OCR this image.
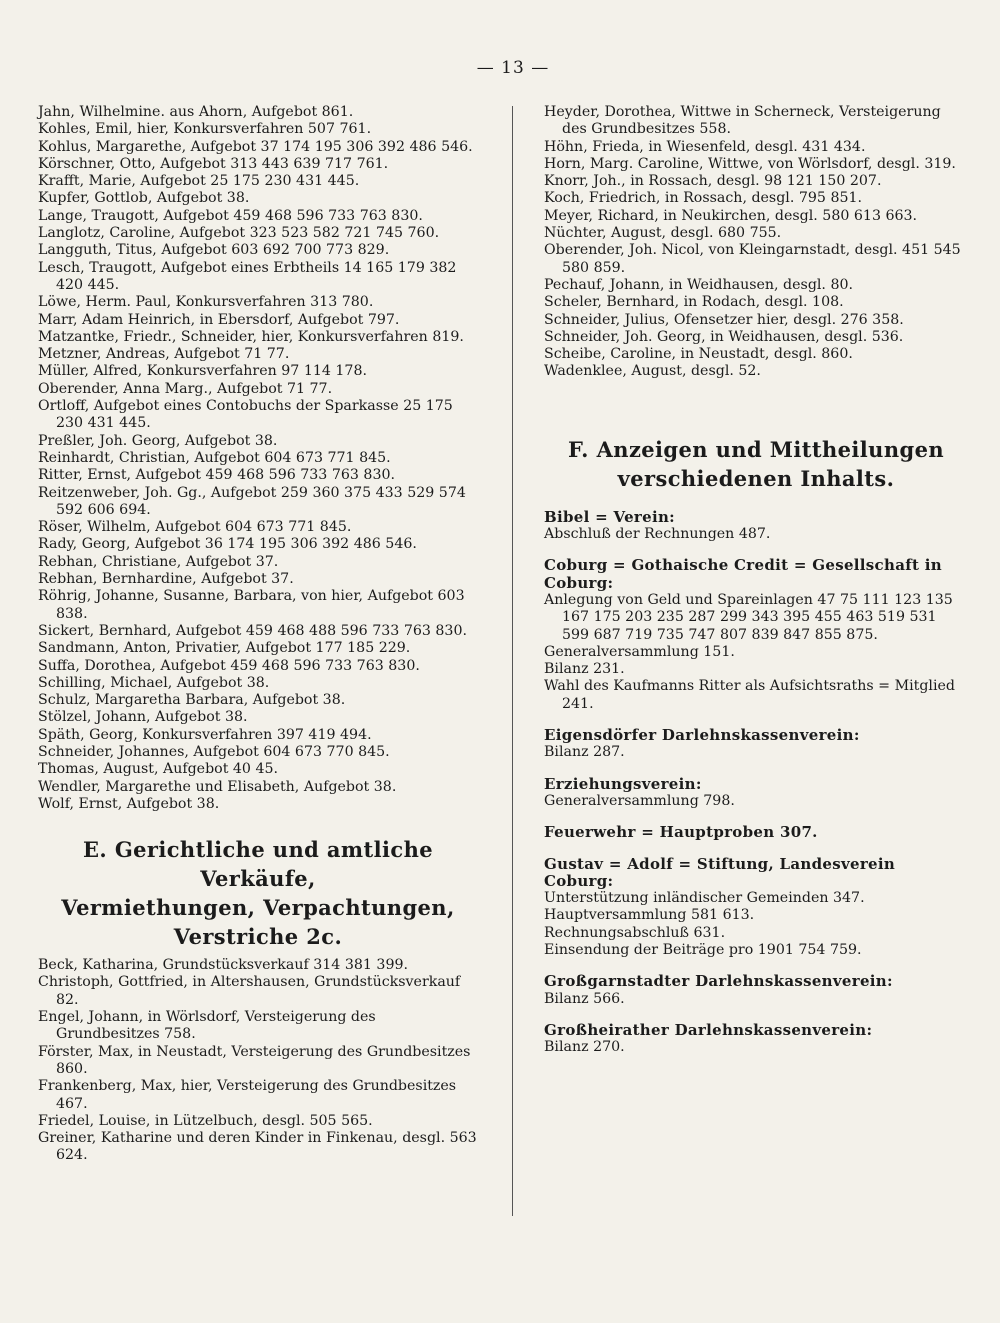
— 13 —
Jahn, Wilhelmine. aus Ahorn, Aufgebot 861.
Kohles, Emil, hier, Konkursverfahren 507 761.
Kohlus, Margarethe, Aufgebot 37 174 195 306 392 486 546.
Körschner, Otto, Aufgebot 313 443 639 717 761.
Krafft, Marie, Aufgebot 25 175 230 431 445.
Kupfer, Gottlob, Aufgebot 38.
Lange, Traugott, Aufgebot 459 468 596 733 763 830.
Langlotz, Caroline, Aufgebot 323 523 582 721 745 760.
Langguth, Titus, Aufgebot 603 692 700 773 829.
Lesch, Traugott, Aufgebot eines Erbtheils 14 165 179 382 420 445.
Löwe, Herm. Paul, Konkursverfahren 313 780.
Marr, Adam Heinrich, in Ebersdorf, Aufgebot 797.
Matzantke, Friedr., Schneider, hier, Konkursverfahren 819.
Metzner, Andreas, Aufgebot 71 77.
Müller, Alfred, Konkursverfahren 97 114 178.
Oberender, Anna Marg., Aufgebot 71 77.
Ortloff, Aufgebot eines Contobuchs der Sparkasse 25 175 230 431 445.
Preßler, Joh. Georg, Aufgebot 38.
Reinhardt, Christian, Aufgebot 604 673 771 845.
Ritter, Ernst, Aufgebot 459 468 596 733 763 830.
Reitzenweber, Joh. Gg., Aufgebot 259 360 375 433 529 574 592 606 694.
Röser, Wilhelm, Aufgebot 604 673 771 845.
Rady, Georg, Aufgebot 36 174 195 306 392 486 546.
Rebhan, Christiane, Aufgebot 37.
Rebhan, Bernhardine, Aufgebot 37.
Röhrig, Johanne, Susanne, Barbara, von hier, Aufgebot 603 838.
Sickert, Bernhard, Aufgebot 459 468 488 596 733 763 830.
Sandmann, Anton, Privatier, Aufgebot 177 185 229.
Suffa, Dorothea, Aufgebot 459 468 596 733 763 830.
Schilling, Michael, Aufgebot 38.
Schulz, Margaretha Barbara, Aufgebot 38.
Stölzel, Johann, Aufgebot 38.
Späth, Georg, Konkursverfahren 397 419 494.
Schneider, Johannes, Aufgebot 604 673 770 845.
Thomas, August, Aufgebot 40 45.
Wendler, Margarethe und Elisabeth, Aufgebot 38.
Wolf, Ernst, Aufgebot 38.
E. Gerichtliche und amtliche Verkäufe,
Vermiethungen, Verpachtungen,
Verstriche 2c.
Beck, Katharina, Grundstücksverkauf 314 381 399.
Christoph, Gottfried, in Altershausen, Grundstücksverkauf 82.
Engel, Johann, in Wörlsdorf, Versteigerung des Grundbesitzes 758.
Förster, Max, in Neustadt, Versteigerung des Grundbesitzes 860.
Frankenberg, Max, hier, Versteigerung des Grundbesitzes 467.
Friedel, Louise, in Lützelbuch, desgl. 505 565.
Greiner, Katharine und deren Kinder in Finkenau, desgl. 563 624.
Heyder, Dorothea, Wittwe in Scherneck, Versteigerung des Grundbesitzes 558.
Höhn, Frieda, in Wiesenfeld, desgl. 431 434.
Horn, Marg. Caroline, Wittwe, von Wörlsdorf, desgl. 319.
Knorr, Joh., in Rossach, desgl. 98 121 150 207.
Koch, Friedrich, in Rossach, desgl. 795 851.
Meyer, Richard, in Neukirchen, desgl. 580 613 663.
Nüchter, August, desgl. 680 755.
Oberender, Joh. Nicol, von Kleingarnstadt, desgl. 451 545 580 859.
Pechauf, Johann, in Weidhausen, desgl. 80.
Scheler, Bernhard, in Rodach, desgl. 108.
Schneider, Julius, Ofensetzer hier, desgl. 276 358.
Schneider, Joh. Georg, in Weidhausen, desgl. 536.
Scheibe, Caroline, in Neustadt, desgl. 860.
Wadenklee, August, desgl. 52.
F. Anzeigen und Mittheilungen
verschiedenen Inhalts.
Bibel = Verein:
Abschluß der Rechnungen 487.
Coburg = Gothaische Credit = Gesellschaft in Coburg:
Anlegung von Geld und Spareinlagen 47 75 111 123 135 167 175 203 235 287 299 343 395 455 463 519 531 599 687 719 735 747 807 839 847 855 875.
Generalversammlung 151.
Bilanz 231.
Wahl des Kaufmanns Ritter als Aufsichtsraths = Mitglied 241.
Eigensdörfer Darlehnskassenverein:
Bilanz 287.
Erziehungsverein:
Generalversammlung 798.
Feuerwehr = Hauptproben 307.
Gustav = Adolf = Stiftung, Landesverein Coburg:
Unterstützung inländischer Gemeinden 347.
Hauptversammlung 581 613.
Rechnungsabschluß 631.
Einsendung der Beiträge pro 1901 754 759.
Großgarnstadter Darlehnskassenverein:
Bilanz 566.
Großheirather Darlehnskassenverein:
Bilanz 270.
